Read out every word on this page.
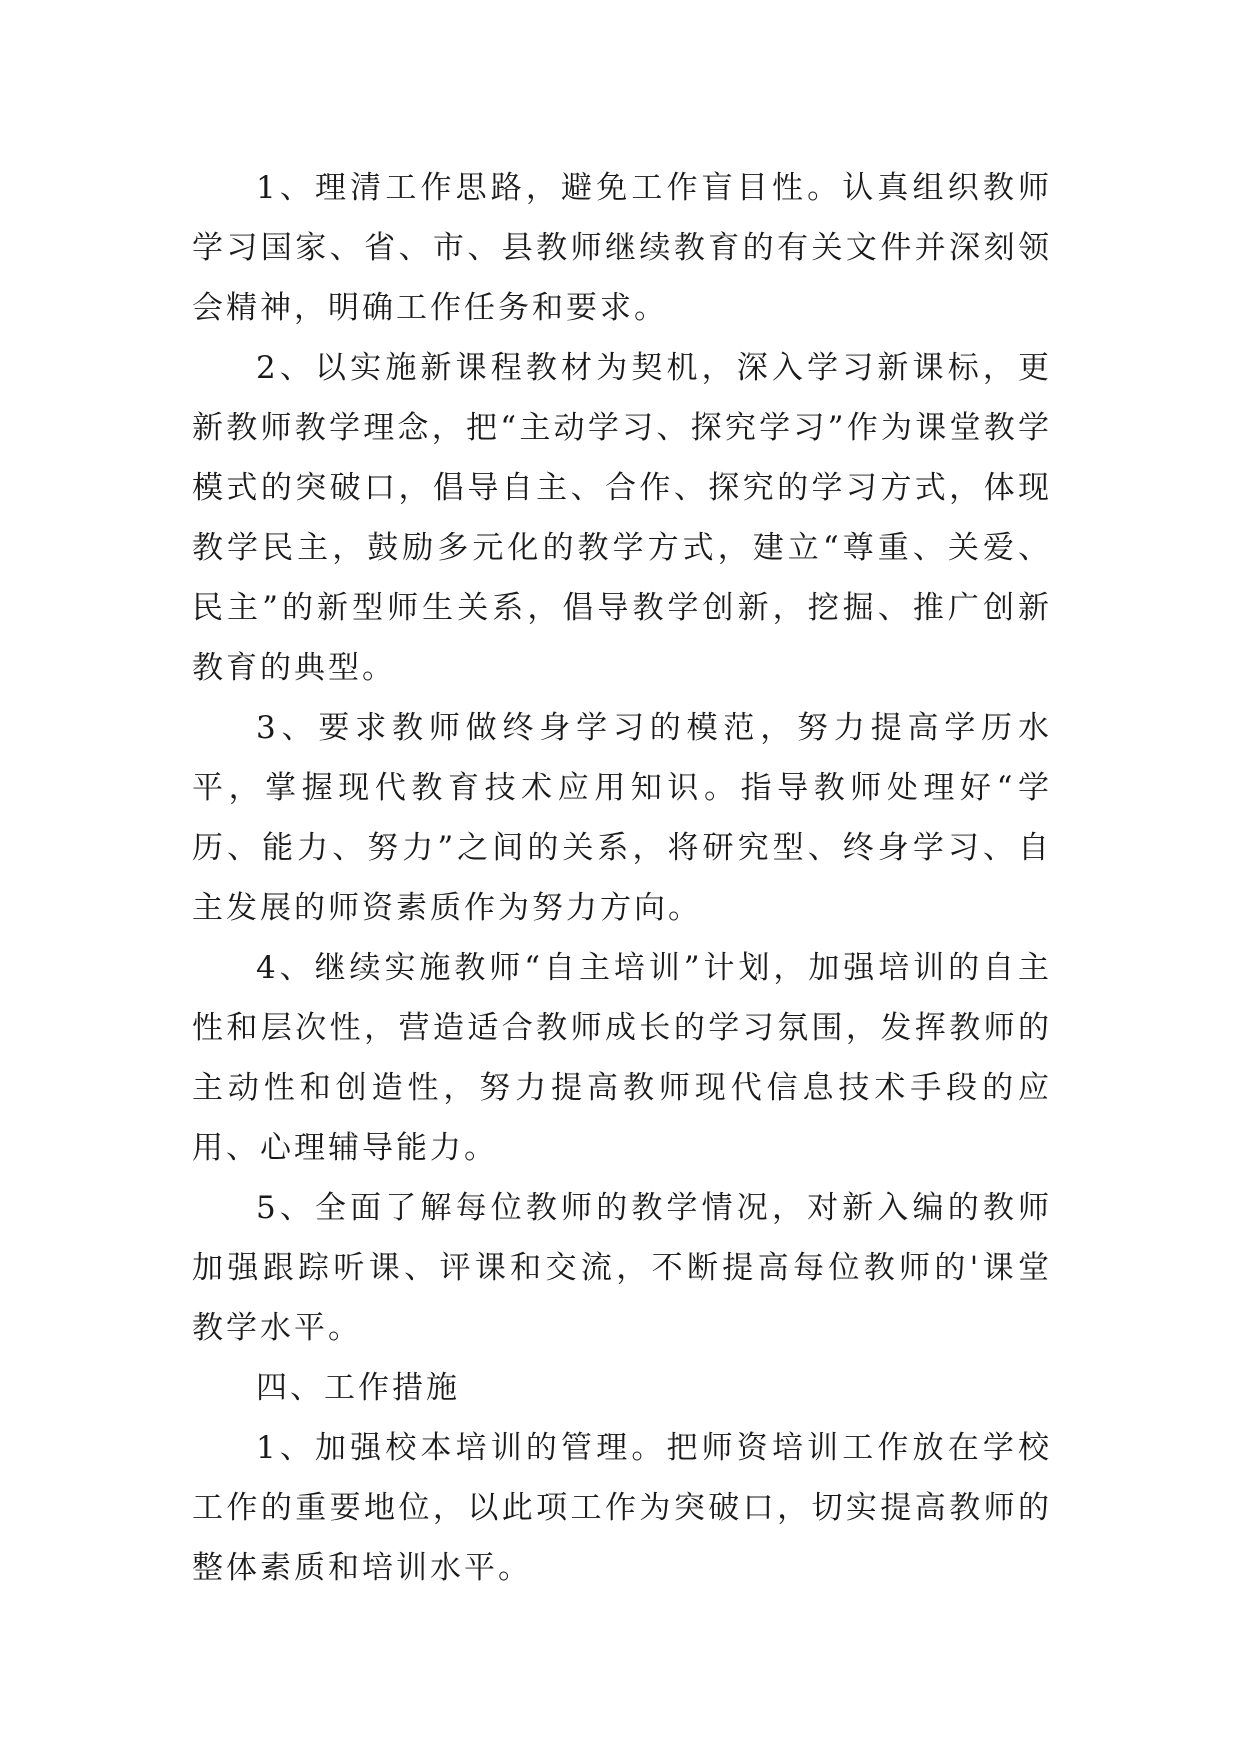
1、理清工作思路，避免工作盲目性。认真组织教师学习国家、省、市、县教师继续教育的有关文件并深刻领会精神，明确工作任务和要求。

2、以实施新课程教材为契机，深入学习新课标，更新教师教学理念，把“主动学习、探究学习”作为课堂教学模式的突破口，倡导自主、合作、探究的学习方式，体现教学民主，鼓励多元化的教学方式，建立“尊重、关爱、民主”的新型师生关系，倡导教学创新，挖掘、推广创新教育的典型。

3、要求教师做终身学习的模范，努力提高学历水平，掌握现代教育技术应用知识。指导教师处理好“学历、能力、努力”之间的关系，将研究型、终身学习、自主发展的师资素质作为努力方向。

4、继续实施教师“自主培训”计划，加强培训的自主性和层次性，营造适合教师成长的学习氛围，发挥教师的主动性和创造性，努力提高教师现代信息技术手段的应用、心理辅导能力。

5、全面了解每位教师的教学情况，对新入编的教师加强跟踪听课、评课和交流，不断提高每位教师的'课堂教学水平。

四、工作措施

1、加强校本培训的管理。把师资培训工作放在学校工作的重要地位，以此项工作为突破口，切实提高教师的整体素质和培训水平。
